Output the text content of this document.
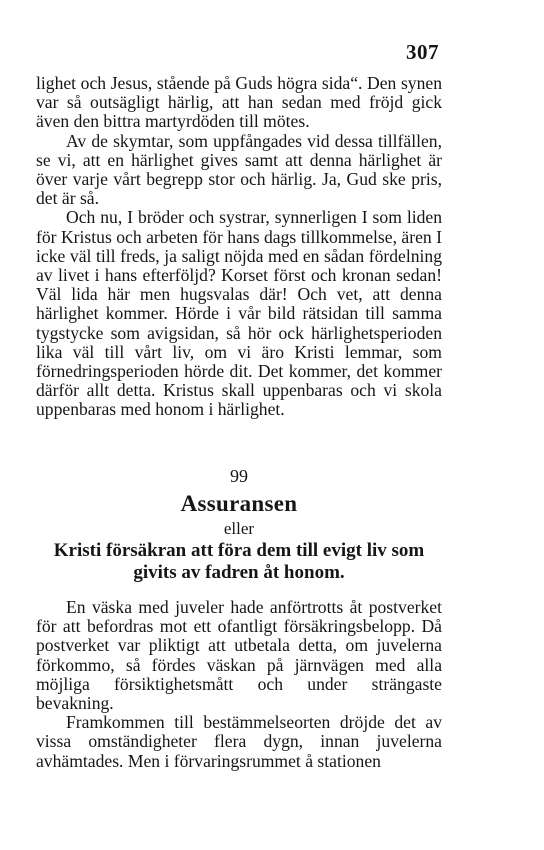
307

lighet och Jesus, stående på Guds högra sida“. Den synen var så outsägligt härlig, att han sedan med fröjd gick även den bittra martyrdöden till mötes.

Av de skymtar, som uppfångades vid dessa tillfällen, se vi, att en härlighet gives samt att denna härlighet är över varje vårt begrepp stor och härlig. Ja, Gud ske pris, det är så.

Och nu, I bröder och systrar, synnerligen I som liden för Kristus och arbeten för hans dags tillkommelse, ären I icke väl till freds, ja saligt nöjda med en sådan fördelning av livet i hans efterföljd? Korset först och kronan sedan! Väl lida här men hugsvalas där! Och vet, att denna härlighet kommer. Hörde i vår bild rätsidan till samma tygstycke som avigsidan, så hör ock härlighetsperioden lika väl till vårt liv, om vi äro Kristi lemmar, som förnedringsperioden hörde dit. Det kommer, det kommer därför allt detta. Kristus skall uppenbaras och vi skola uppenbaras med honom i härlighet.

99
Assuransen
eller
Kristi försäkran att föra dem till evigt liv som givits av fadren åt honom.

En väska med juveler hade anförtrotts åt postverket för att befordras mot ett ofantligt försäkringsbelopp. Då postverket var pliktigt att utbetala detta, om juvelerna förkommo, så fördes väskan på järnvägen med alla möjliga försiktighetsmått och under strängaste bevakning.

Framkommen till bestämmelseorten dröjde det av vissa omständigheter flera dygn, innan juvelerna avhämtades. Men i förvaringsrummet å stationen
